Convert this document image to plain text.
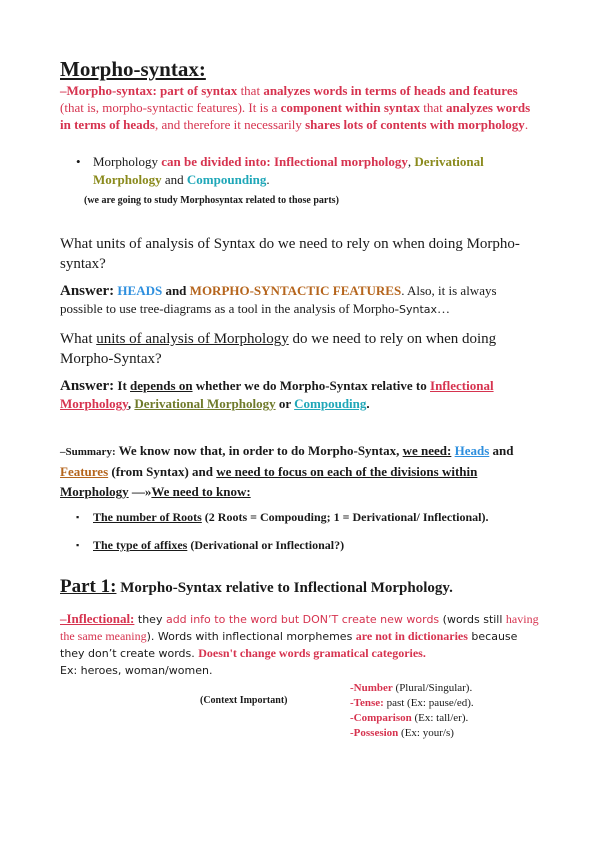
Morpho-syntax:
–Morpho-syntax: part of syntax that analyzes words in terms of heads and features (that is, morpho-syntactic features). It is a component within syntax that analyzes words in terms of heads, and therefore it necessarily shares lots of contents with morphology.
• Morphology can be divided into: Inflectional morphology, Derivational Morphology and Compounding.
(we are going to study Morphosyntax related to those parts)
What units of analysis of Syntax do we need to rely on when doing Morpho-syntax?
Answer: HEADS and MORPHO-SYNTACTIC FEATURES. Also, it is always possible to use tree-diagrams as a tool in the analysis of Morpho-Syntax…
What units of analysis of Morphology do we need to rely on when doing Morpho-Syntax?
Answer: It depends on whether we do Morpho-Syntax relative to Inflectional Morphology, Derivational Morphology or Compouding.
–Summary: We know now that, in order to do Morpho-Syntax, we need: Heads and Features (from Syntax) and we need to focus on each of the divisions within Morphology —»We need to know:
▪ The number of Roots (2 Roots = Compouding; 1 = Derivational/ Inflectional).
▪ The type of affixes (Derivational or Inflectional?)
Part 1: Morpho-Syntax relative to Inflectional Morphology.
–Inflectional: they add info to the word but DON’T create new words (words still having the same meaning). Words with inflectional morphemes are not in dictionaries because they don’t create words. Doesn't change words gramatical categories.
Ex: heroes, woman/women.
(Context Important)
-Number (Plural/Singular).
-Tense: past (Ex: pause/ed).
-Comparison (Ex: tall/er).
-Possesion (Ex: your/s)
